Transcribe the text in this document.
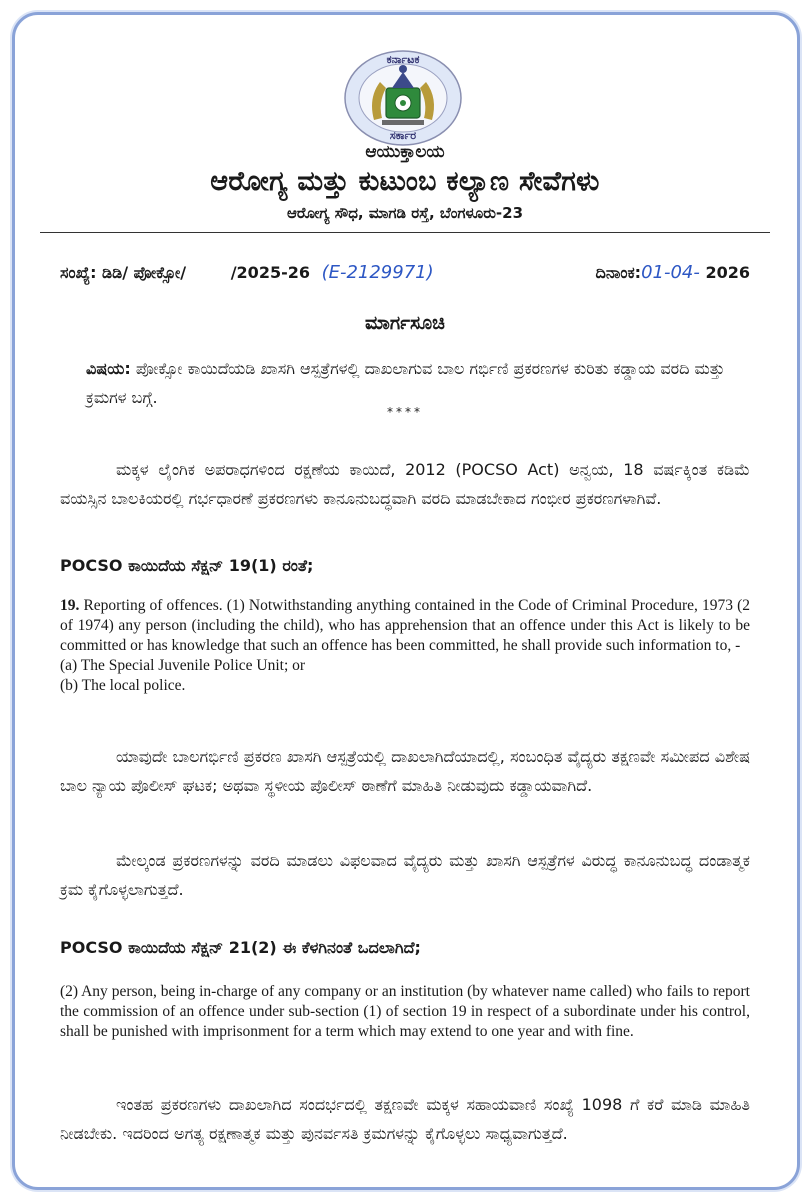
ಕರ್ನಾಟಕ
ಸರ್ಕಾರ
ಆಯುಕ್ತಾಲಯ
ಆರೋಗ್ಯ ಮತ್ತು ಕುಟುಂಬ ಕಲ್ಯಾಣ ಸೇವೆಗಳು
ಆರೋಗ್ಯ ಸೌಧ, ಮಾಗಡಿ ರಸ್ತೆ, ಬೆಂಗಳೂರು-23
ಸಂಖ್ಯೆ: ಡಿಡಿ/ ಪೋಕ್ಸೋ/	/2025-26 (E-2129971)	ದಿನಾಂಕ:01-04- 2026
ಮಾರ್ಗಸೂಚಿ
ವಿಷಯ: ಪೋಕ್ಸೋ ಕಾಯಿದೆಯಡಿ ಖಾಸಗಿ ಆಸ್ಪತ್ರೆಗಳಲ್ಲಿ ದಾಖಲಾಗುವ ಬಾಲ ಗರ್ಭಿಣಿ ಪ್ರಕರಣಗಳ ಕುರಿತು ಕಡ್ಡಾಯ ವರದಿ ಮತ್ತು ಕ್ರಮಗಳ ಬಗ್ಗೆ.
****
ಮಕ್ಕಳ ಲೈಂಗಿಕ ಅಪರಾಧಗಳಿಂದ ರಕ್ಷಣೆಯ ಕಾಯಿದೆ, 2012 (POCSO Act) ಅನ್ವಯ, 18 ವರ್ಷಕ್ಕಿಂತ ಕಡಿಮೆ ವಯಸ್ಸಿನ ಬಾಲಕಿಯರಲ್ಲಿ ಗರ್ಭಧಾರಣೆ ಪ್ರಕರಣಗಳು ಕಾನೂನುಬದ್ಧವಾಗಿ ವರದಿ ಮಾಡಬೇಕಾದ ಗಂಭೀರ ಪ್ರಕರಣಗಳಾಗಿವೆ.
POCSO ಕಾಯಿದೆಯ ಸೆಕ್ಷನ್ 19(1) ರಂತೆ;

19. Reporting of offences. (1) Notwithstanding anything contained in the Code of Criminal Procedure, 1973 (2 of 1974) any person (including the child), who has apprehension that an offence under this Act is likely to be committed or has knowledge that such an offence has been committed, he shall provide such information to, -

(a) The Special Juvenile Police Unit; or

(b) The local police.

ಯಾವುದೇ ಬಾಲಗರ್ಭಿಣಿ ಪ್ರಕರಣ ಖಾಸಗಿ ಆಸ್ಪತ್ರೆಯಲ್ಲಿ ದಾಖಲಾಗಿದೆಯಾದಲ್ಲಿ, ಸಂಬಂಧಿತ ವೈದ್ಯರು ತಕ್ಷಣವೇ ಸಮೀಪದ ವಿಶೇಷ ಬಾಲ ನ್ಯಾಯ ಪೊಲೀಸ್ ಘಟಕ; ಅಥವಾ ಸ್ಥಳೀಯ ಪೊಲೀಸ್ ಠಾಣೆಗೆ ಮಾಹಿತಿ ನೀಡುವುದು ಕಡ್ಡಾಯವಾಗಿದೆ.
ಮೇಲ್ಕಂಡ ಪ್ರಕರಣಗಳನ್ನು ವರದಿ ಮಾಡಲು ವಿಫಲವಾದ ವೈದ್ಯರು ಮತ್ತು ಖಾಸಗಿ ಆಸ್ಪತ್ರೆಗಳ ವಿರುದ್ಧ ಕಾನೂನುಬದ್ಧ ದಂಡಾತ್ಮಕ ಕ್ರಮ ಕೈಗೊಳ್ಳಲಾಗುತ್ತದೆ.
POCSO ಕಾಯಿದೆಯ ಸೆಕ್ಷನ್ 21(2) ಈ ಕೆಳಗಿನಂತೆ ಒದಲಾಗಿದೆ;
(2) Any person, being in-charge of any company or an institution (by whatever name called) who fails to report the commission of an offence under sub-section (1) of section 19 in respect of a subordinate under his control, shall be punished with imprisonment for a term which may extend to one year and with fine.
ಇಂತಹ ಪ್ರಕರಣಗಳು ದಾಖಲಾಗಿದ ಸಂದರ್ಭದಲ್ಲಿ ತಕ್ಷಣವೇ ಮಕ್ಕಳ ಸಹಾಯವಾಣಿ ಸಂಖ್ಯೆ 1098 ಗೆ ಕರೆ ಮಾಡಿ ಮಾಹಿತಿ ನೀಡಬೇಕು. ಇದರಿಂದ ಅಗತ್ಯ ರಕ್ಷಣಾತ್ಮಕ ಮತ್ತು ಪುನರ್ವಸತಿ ಕ್ರಮಗಳನ್ನು ಕೈಗೊಳ್ಳಲು ಸಾಧ್ಯವಾಗುತ್ತದೆ.
